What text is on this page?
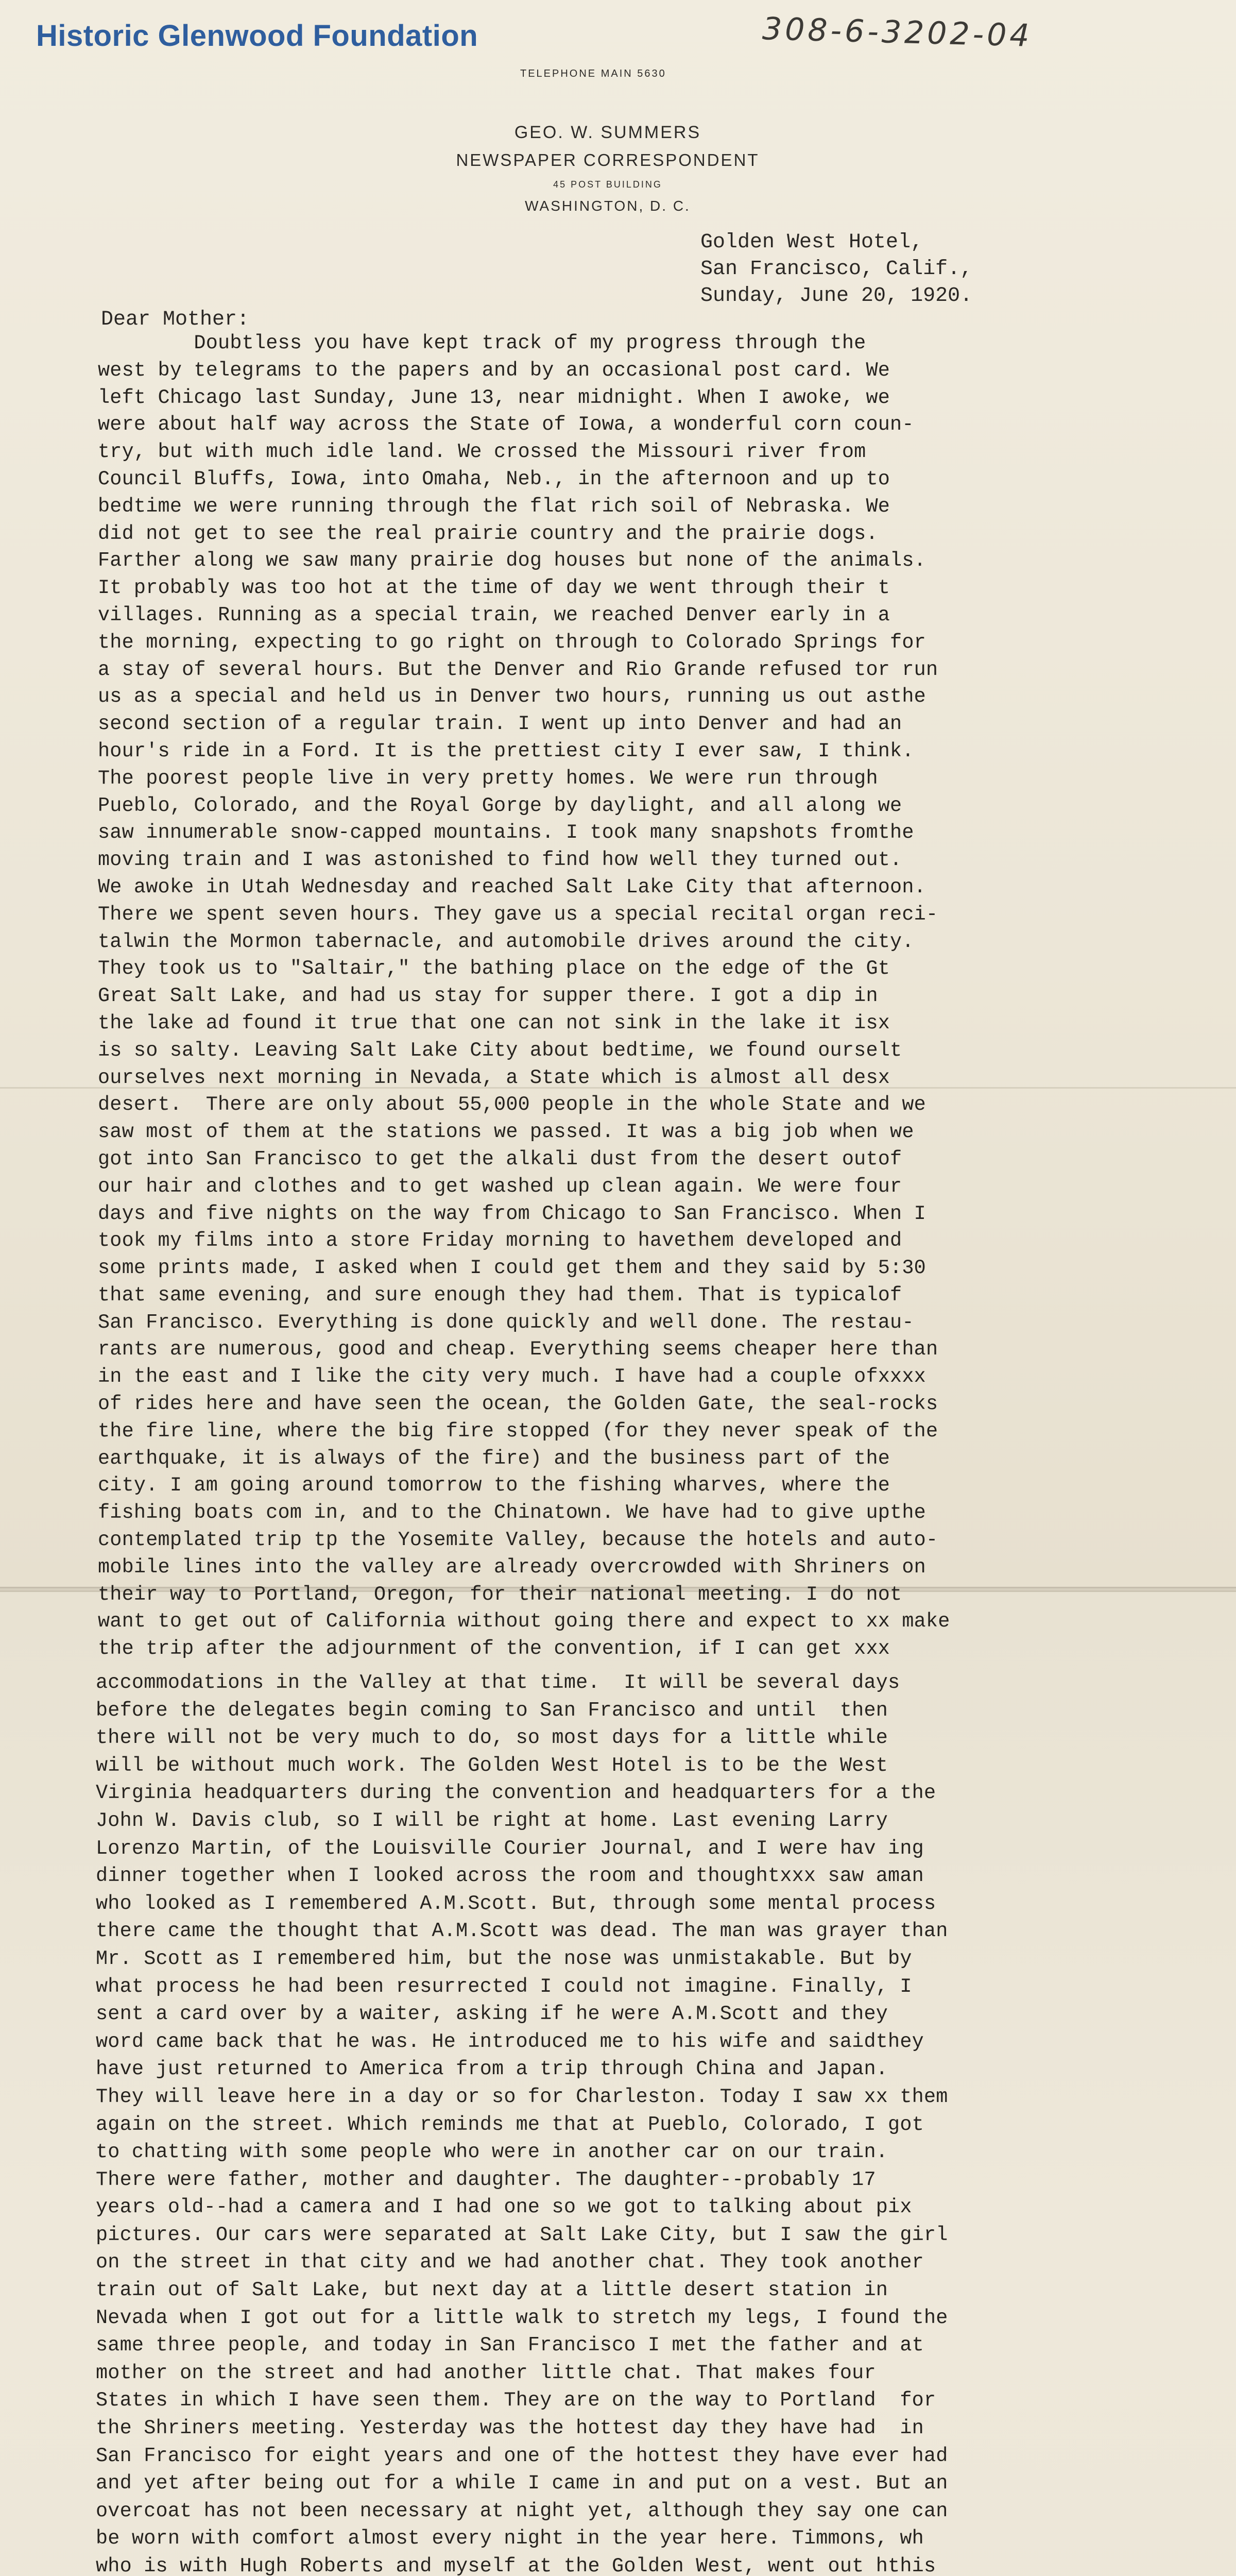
Historic Glenwood Foundation	308-6-3202-04
TELEPHONE MAIN 5630
GEO. W. SUMMERS
NEWSPAPER CORRESPONDENT
45 POST BUILDING
WASHINGTON, D. C.
Golden West Hotel,
San Francisco, Calif.,
Sunday, June 20, 1920.
Dear Mother:
Doubtless you have kept track of my progress through the
west by telegrams to the papers and by an occasional post card. We
left Chicago last Sunday, June 13, near midnight. When I awoke, we
were about half way across the State of Iowa, a wonderful corn coun-
try, but with much idle land. We crossed the Missouri river from
Council Bluffs, Iowa, into Omaha, Neb., in the afternoon and up to
bedtime we were running through the flat rich soil of Nebraska. We
did not get to see the real prairie country and the prairie dogs.
Farther along we saw many prairie dog houses but none of the animals.
It probably was too hot at the time of day we went through their t
villages. Running as a special train, we reached Denver early in a
the morning, expecting to go right on through to Colorado Springs for
a stay of several hours. But the Denver and Rio Grande refused tor run
us as a special and held us in Denver two hours, running us out asthe
second section of a regular train. I went up into Denver and had an
hour's ride in a Ford. It is the prettiest city I ever saw, I think.
The poorest people live in very pretty homes. We were run through
Pueblo, Colorado, and the Royal Gorge by daylight, and all along we
saw innumerable snow-capped mountains. I took many snapshots fromthe
moving train and I was astonished to find how well they turned out.
We awoke in Utah Wednesday and reached Salt Lake City that afternoon.
There we spent seven hours. They gave us a special recital organ reci-
talwin the Mormon tabernacle, and automobile drives around the city.
They took us to "Saltair," the bathing place on the edge of the Gt
Great Salt Lake, and had us stay for supper there. I got a dip in
the lake ad found it true that one can not sink in the lake it isx
is so salty. Leaving Salt Lake City about bedtime, we found ourselt
ourselves next morning in Nevada, a State which is almost all desx
desert.  There are only about 55,000 people in the whole State and we
saw most of them at the stations we passed. It was a big job when we
got into San Francisco to get the alkali dust from the desert outof
our hair and clothes and to get washed up clean again. We were four
days and five nights on the way from Chicago to San Francisco. When I
took my films into a store Friday morning to havethem developed and
some prints made, I asked when I could get them and they said by 5:30
that same evening, and sure enough they had them. That is typicalof
San Francisco. Everything is done quickly and well done. The restau-
rants are numerous, good and cheap. Everything seems cheaper here than
in the east and I like the city very much. I have had a couple ofxxxx
of rides here and have seen the ocean, the Golden Gate, the seal-rocks
the fire line, where the big fire stopped (for they never speak of the
earthquake, it is always of the fire) and the business part of the
city. I am going around tomorrow to the fishing wharves, where the
fishing boats com in, and to the Chinatown. We have had to give upthe
contemplated trip tp the Yosemite Valley, because the hotels and auto-
mobile lines into the valley are already overcrowded with Shriners on
their way to Portland, Oregon, for their national meeting. I do not
want to get out of California without going there and expect to xx make
the trip after the adjournment of the convention, if I can get xxx
accommodations in the Valley at that time.  It will be several days
before the delegates begin coming to San Francisco and until  then
there will not be very much to do, so most days for a little while
will be without much work. The Golden West Hotel is to be the West
Virginia headquarters during the convention and headquarters for a the
John W. Davis club, so I will be right at home. Last evening Larry
Lorenzo Martin, of the Louisville Courier Journal, and I were hav ing
dinner together when I looked across the room and thoughtxxx saw aman
who looked as I remembered A.M.Scott. But, through some mental process
there came the thought that A.M.Scott was dead. The man was grayer than
Mr. Scott as I remembered him, but the nose was unmistakable. But by
what process he had been resurrected I could not imagine. Finally, I
sent a card over by a waiter, asking if he were A.M.Scott and they
word came back that he was. He introduced me to his wife and saidthey
have just returned to America from a trip through China and Japan.
They will leave here in a day or so for Charleston. Today I saw xx them
again on the street. Which reminds me that at Pueblo, Colorado, I got
to chatting with some people who were in another car on our train.
There were father, mother and daughter. The daughter--probably 17
years old--had a camera and I had one so we got to talking about pix
pictures. Our cars were separated at Salt Lake City, but I saw the girl
on the street in that city and we had another chat. They took another
train out of Salt Lake, but next day at a little desert station in
Nevada when I got out for a little walk to stretch my legs, I found the
same three people, and today in San Francisco I met the father and at
mother on the street and had another little chat. That makes four
States in which I have seen them. They are on the way to Portland  for
the Shriners meeting. Yesterday was the hottest day they have had  in
San Francisco for eight years and one of the hottest they have ever had
and yet after being out for a while I came in and put on a vest. But an
overcoat has not been necessary at night yet, although they say one can
be worn with comfort almost every night in the year here. Timmons, wh
who is with Hugh Roberts and myself at the Golden West, went out hthis
